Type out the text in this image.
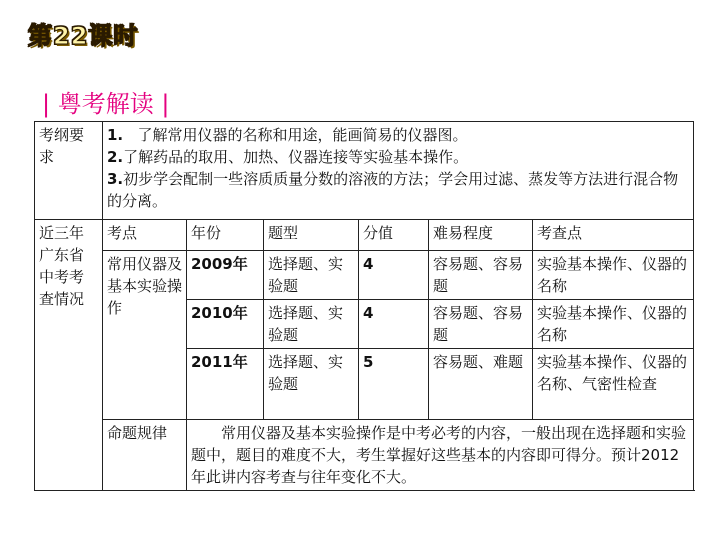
第22课时
| 粤考解读 |
考纲要求	1. 了解常用仪器的名称和用途，能画简易的仪器图。
2.了解药品的取用、加热、仪器连接等实验基本操作。
3.初步学会配制一些溶质质量分数的溶液的方法；学会用过滤、蒸发等方法进行混合物的分离。					

近三年广东省中考考查情况	考点	年份	题型	分值	难易程度	考查点
	常用仪器及基本实验操作	2009年	选择题、实验题	4	容易题、容易题	实验基本操作、仪器的名称
		2010年	选择题、实验题	4	容易题、容易题	实验基本操作、仪器的名称
		2011年	选择题、实验题	5	容易题、难题	实验基本操作、仪器的名称、气密性检查
	命题规律	常用仪器及基本实验操作是中考必考的内容，一般出现在选择题和实验题中，题目的难度不大，考生掌握好这些基本的内容即可得分。预计2012年此讲内容考查与往年变化不大。				
